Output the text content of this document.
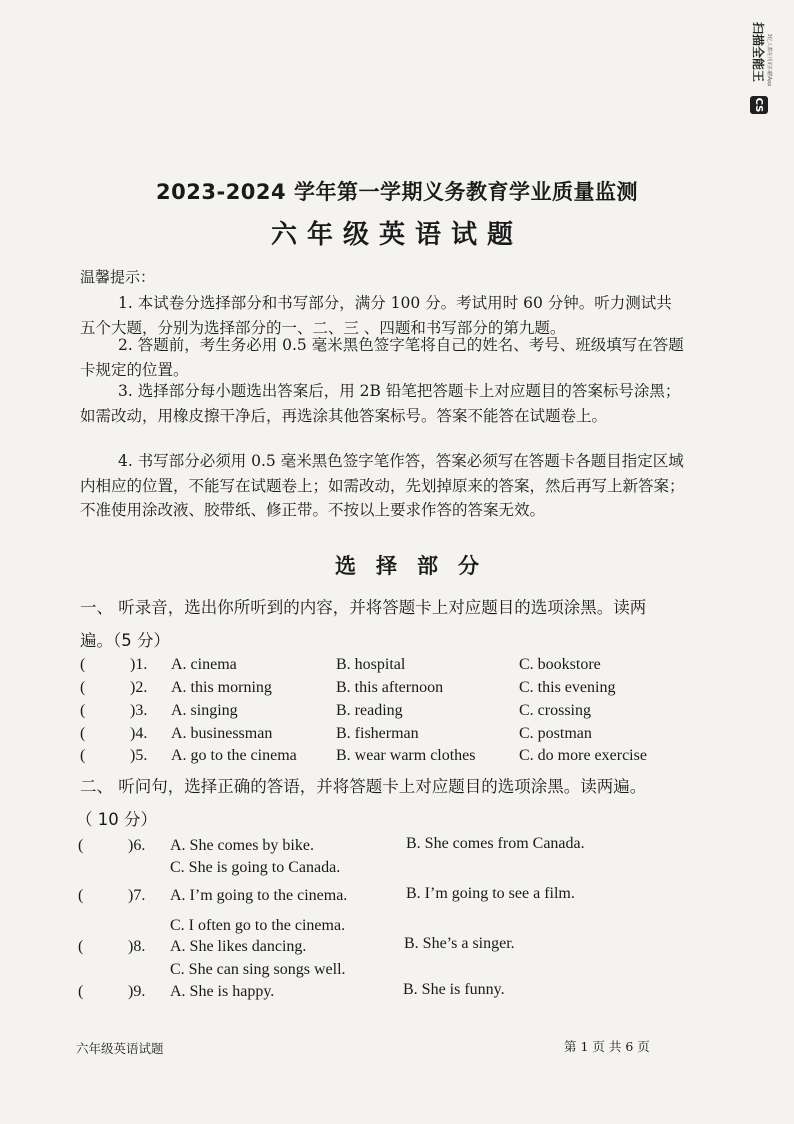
扫描全能王 3亿人都在用的扫描App
CS
2023-2024 学年第一学期义务教育学业质量监测
六年级英语试题
温馨提示：
1. 本试卷分选择部分和书写部分，满分 100 分。考试用时 60 分钟。听力测试共五个大题，分别为选择部分的一、二、三 、四题和书写部分的第九题。
2. 答题前，考生务必用 0.5 毫米黑色签字笔将自己的姓名、考号、班级填写在答题卡规定的位置。
3. 选择部分每小题选出答案后，用 2B 铅笔把答题卡上对应题目的答案标号涂黑；如需改动，用橡皮擦干净后，再选涂其他答案标号。答案不能答在试题卷上。
4. 书写部分必须用 0.5 毫米黑色签字笔作答，答案必须写在答题卡各题目指定区域内相应的位置，不能写在试题卷上；如需改动，先划掉原来的答案，然后再写上新答案；不准使用涂改液、胶带纸、修正带。不按以上要求作答的答案无效。
选择部分
一、 听录音，选出你所听到的内容，并将答题卡上对应题目的选项涂黑。读两
遍。（5 分）
(	)1. A. cinema	B. hospital	C. bookstore
(	)2. A. this morning	B. this afternoon	C. this evening
(	)3. A. singing	B. reading	C. crossing
(	)4. A. businessman	B. fisherman	C. postman
(	)5. A. go to the cinema B. wear warm clothes	C. do more exercise
二、 听问句，选择正确的答语，并将答题卡上对应题目的选项涂黑。读两遍。
（ 10 分）
(	)6. A. She comes by bike.	B. She comes from Canada.
C. She is going to Canada.
(	)7. A. I’m going to the cinema.	B. I’m going to see a film.
C. I often go to the cinema.
(	)8. A. She likes dancing.	B. She’s a singer.
C. She can sing songs well.
(	)9. A. She is happy.	B. She is funny.
六年级英语试题	第 1 页 共 6 页
